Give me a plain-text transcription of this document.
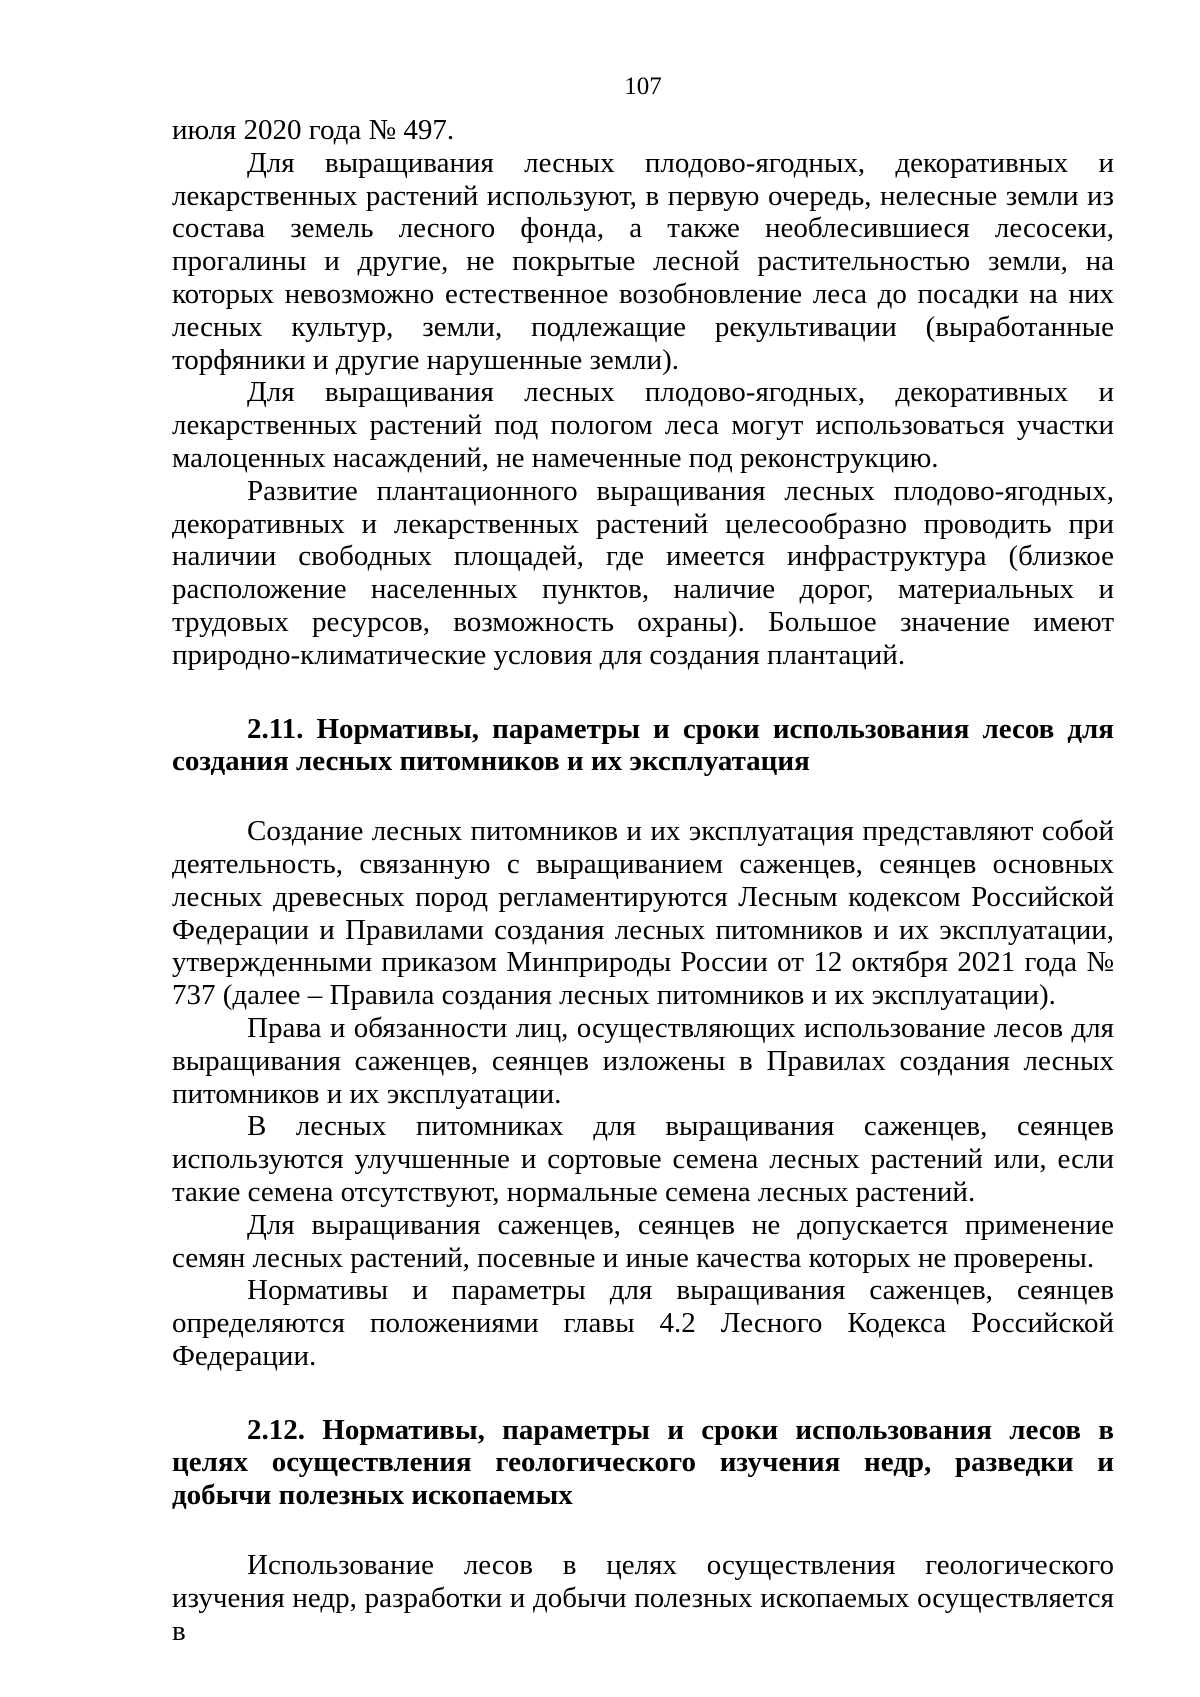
107

июля 2020 года № 497.

Для выращивания лесных плодово-ягодных, декоративных и лекарственных растений используют, в первую очередь, нелесные земли из состава земель лесного фонда, а также необлесившиеся лесосеки, прогалины и другие, не покрытые лесной растительностью земли, на которых невозможно естественное возобновление леса до посадки на них лесных культур, земли, подлежащие рекультивации (выработанные торфяники и другие нарушенные земли).

Для выращивания лесных плодово-ягодных, декоративных и лекарственных растений под пологом леса могут использоваться участки малоценных насаждений, не намеченные под реконструкцию.

Развитие плантационного выращивания лесных плодово-ягодных, декоративных и лекарственных растений целесообразно проводить при наличии свободных площадей, где имеется инфраструктура (близкое расположение населенных пунктов, наличие дорог, материальных и трудовых ресурсов, возможность охраны). Большое значение имеют природно-климатические условия для создания плантаций.

2.11. Нормативы, параметры и сроки использования лесов для создания лесных питомников и их эксплуатация

Создание лесных питомников и их эксплуатация представляют собой деятельность, связанную с выращиванием саженцев, сеянцев основных лесных древесных пород регламентируются Лесным кодексом Российской Федерации и Правилами создания лесных питомников и их эксплуатации, утвержденными приказом Минприроды России от 12 октября 2021 года № 737 (далее – Правила создания лесных питомников и их эксплуатации).

Права и обязанности лиц, осуществляющих использование лесов для выращивания саженцев, сеянцев изложены в Правилах создания лесных питомников и их эксплуатации.

В лесных питомниках для выращивания саженцев, сеянцев используются улучшенные и сортовые семена лесных растений или, если такие семена отсутствуют, нормальные семена лесных растений.

Для выращивания саженцев, сеянцев не допускается применение семян лесных растений, посевные и иные качества которых не проверены.

Нормативы и параметры для выращивания саженцев, сеянцев определяются положениями главы 4.2 Лесного Кодекса Российской Федерации.

2.12. Нормативы, параметры и сроки использования лесов в целях осуществления геологического изучения недр, разведки и добычи полезных ископаемых

Использование лесов в целях осуществления геологического изучения недр, разработки и добычи полезных ископаемых осуществляется в
